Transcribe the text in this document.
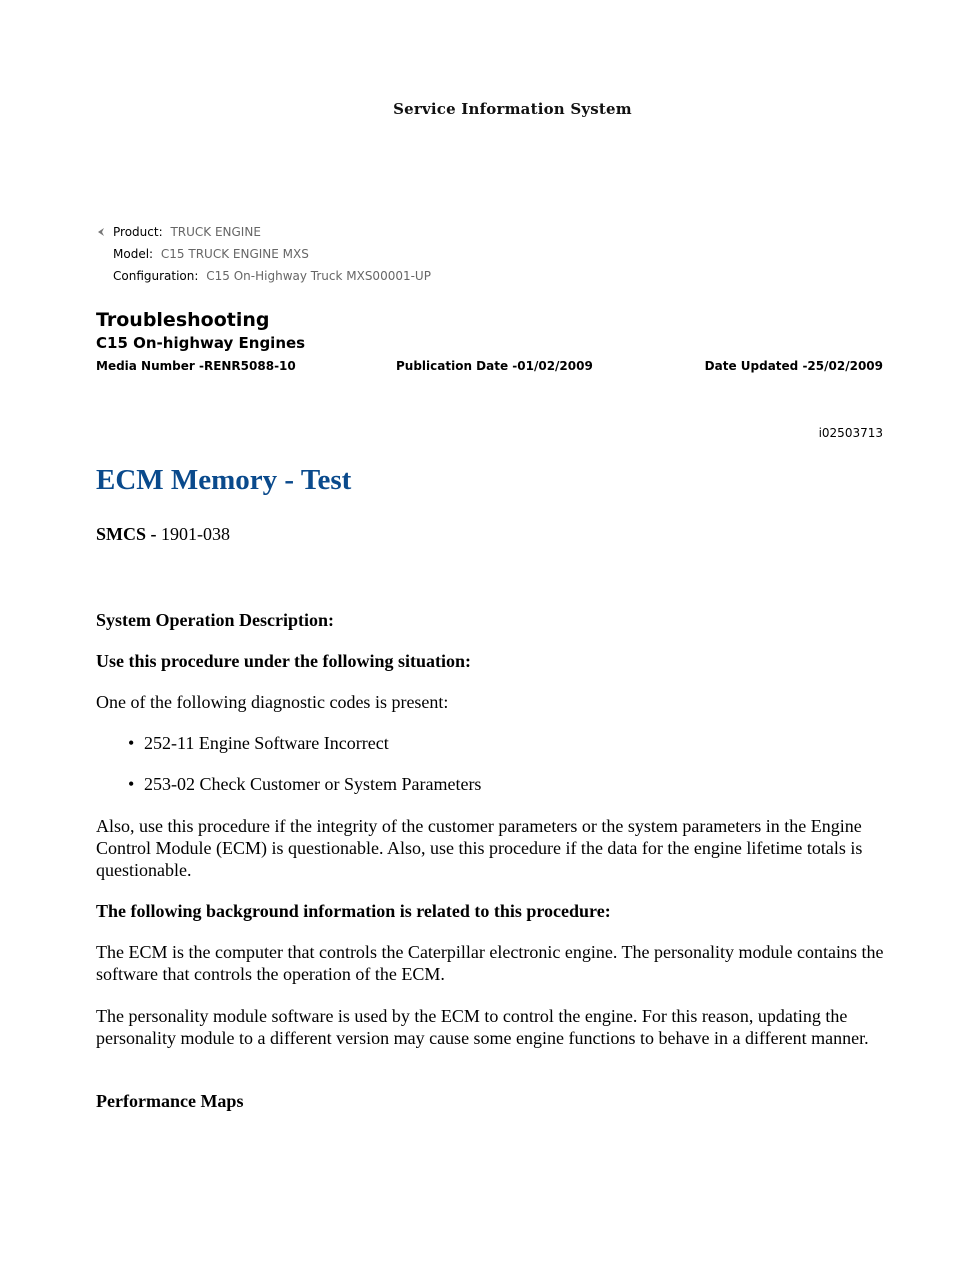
Service Information System
Product: TRUCK ENGINE
Model: C15 TRUCK ENGINE MXS
Configuration: C15 On-Highway Truck MXS00001-UP
Troubleshooting
C15 On-highway Engines
Media Number -RENR5088-10	Publication Date -01/02/2009	Date Updated -25/02/2009
i02503713
ECM Memory - Test
SMCS - 1901-038
System Operation Description:
Use this procedure under the following situation:
One of the following diagnostic codes is present:
• 252-11 Engine Software Incorrect
• 253-02 Check Customer or System Parameters
Also, use this procedure if the integrity of the customer parameters or the system parameters in the Engine Control Module (ECM) is questionable. Also, use this procedure if the data for the engine lifetime totals is questionable.
The following background information is related to this procedure:
The ECM is the computer that controls the Caterpillar electronic engine. The personality module contains the software that controls the operation of the ECM.
The personality module software is used by the ECM to control the engine. For this reason, updating the personality module to a different version may cause some engine functions to behave in a different manner.
Performance Maps
